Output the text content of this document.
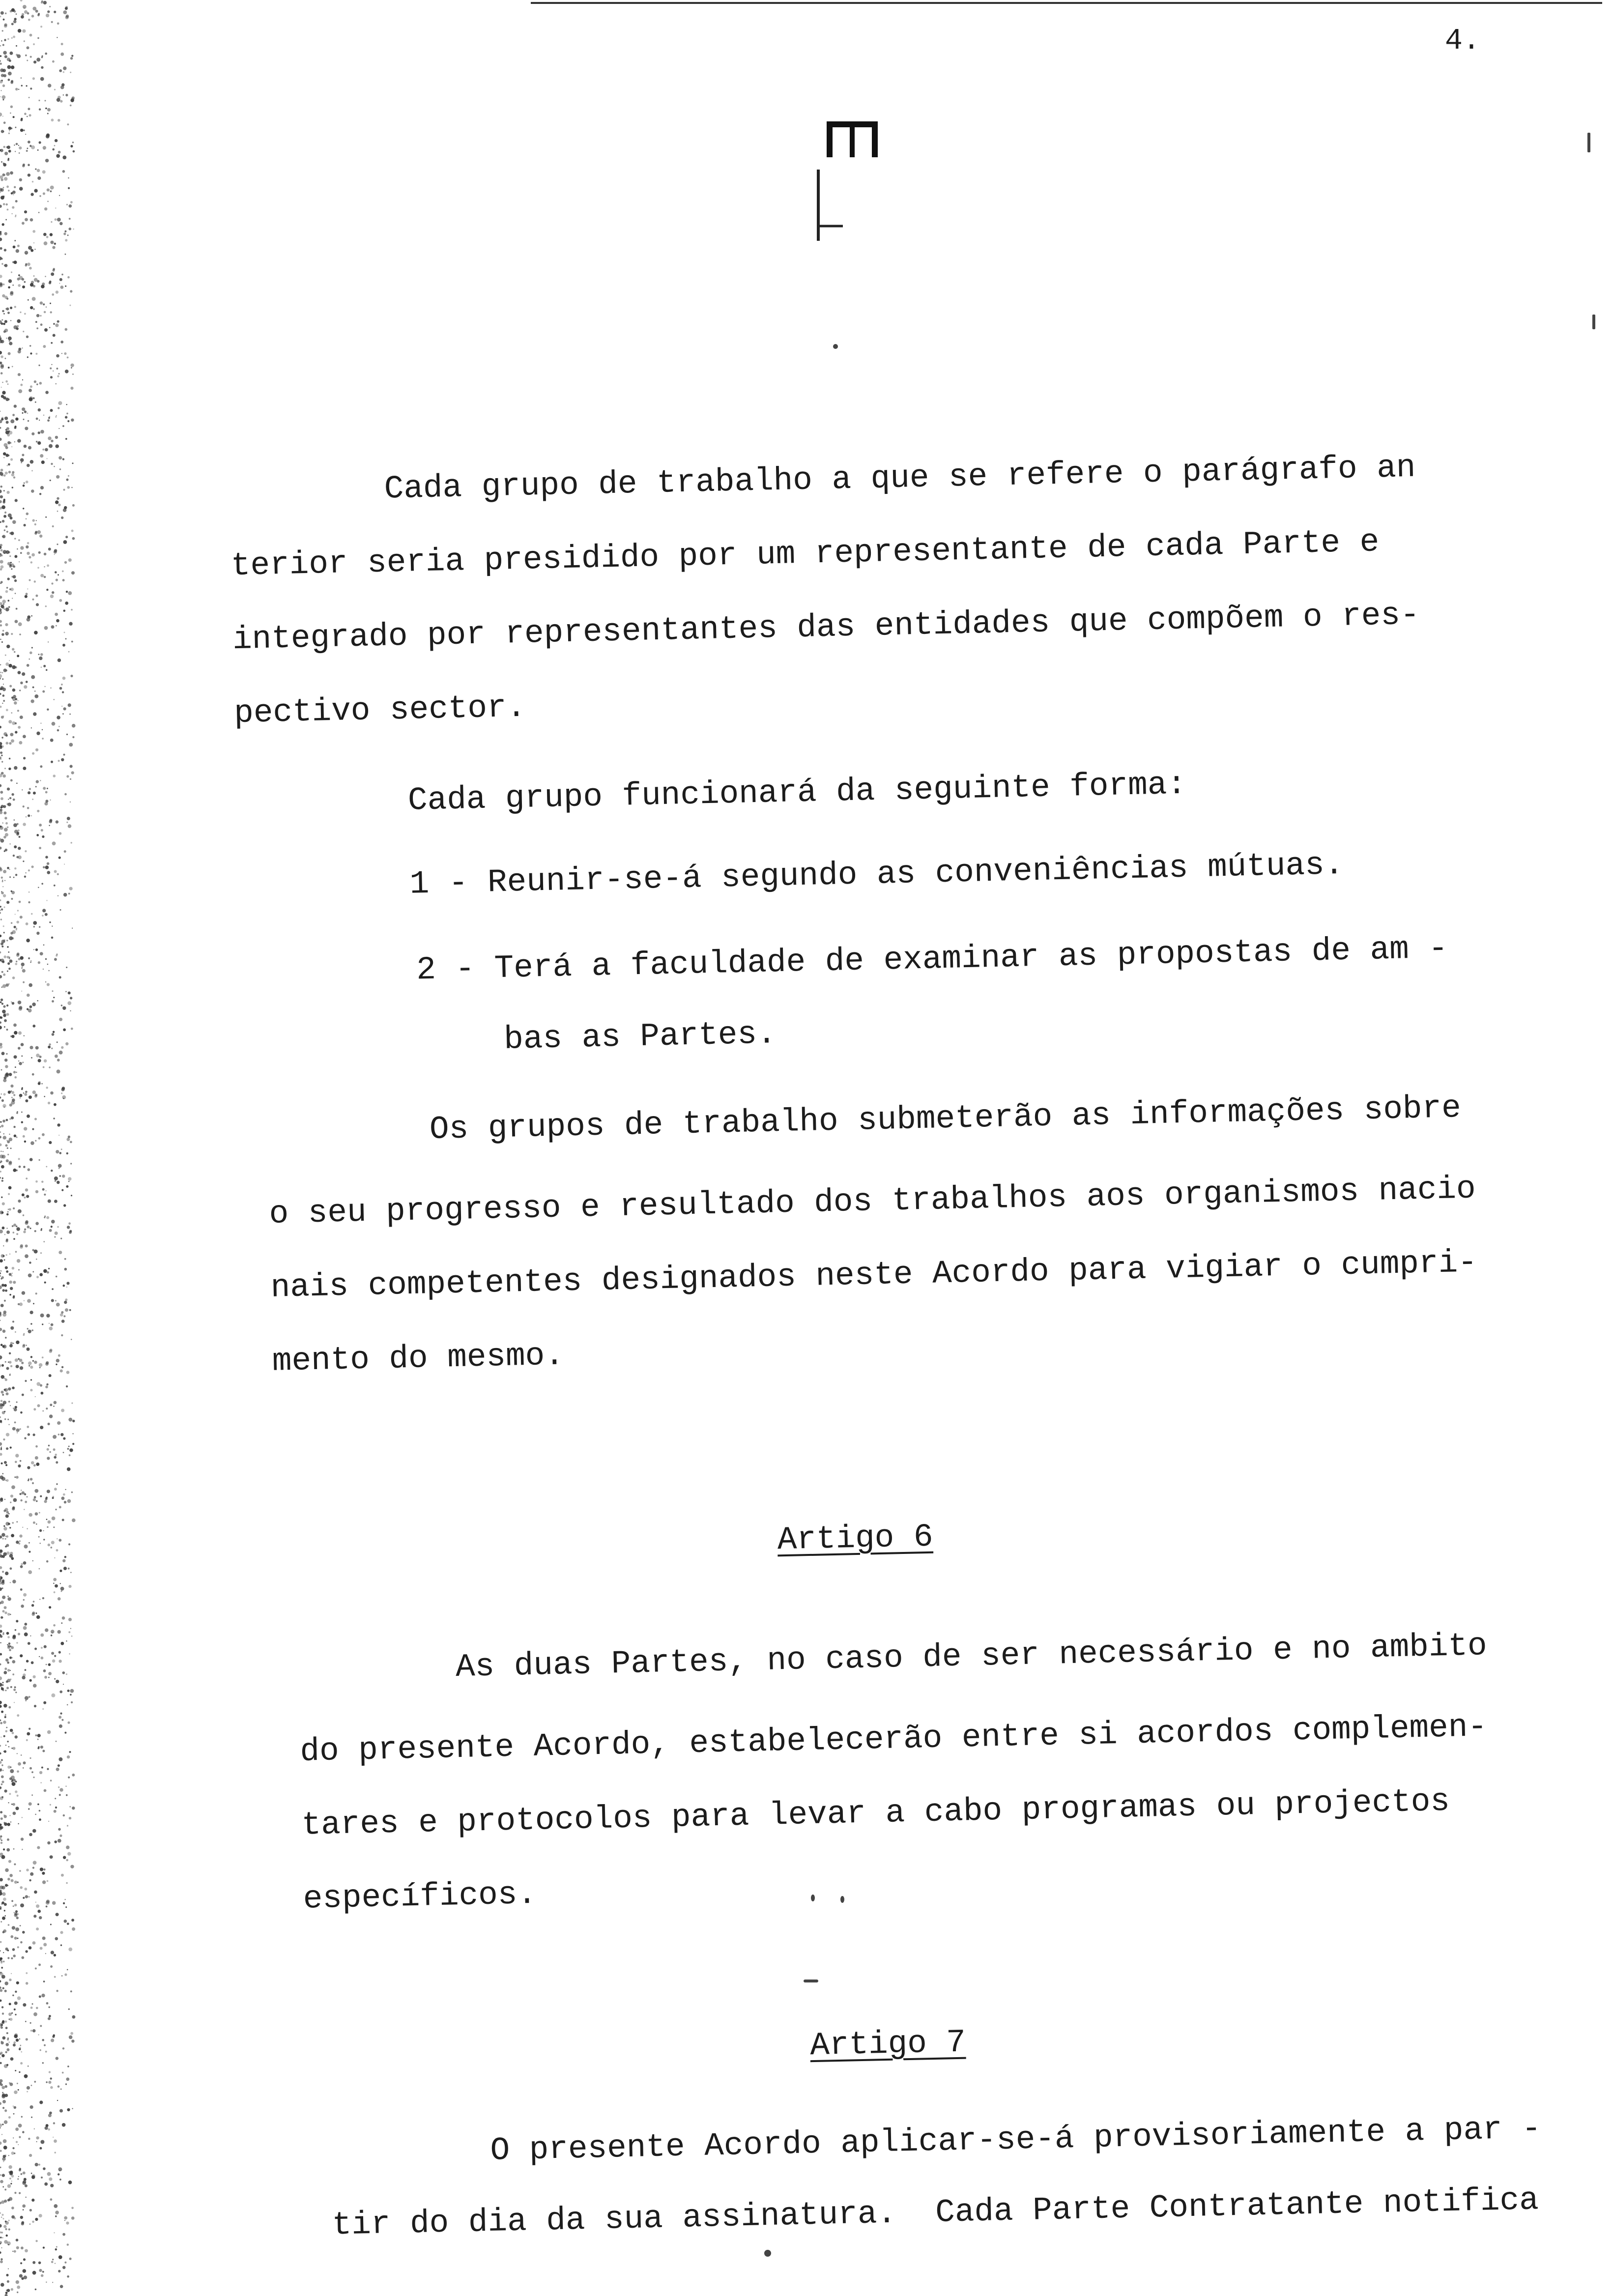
4.
Cada grupo de trabalho a que se refere o parágrafo an
terior seria presidido por um representante de cada Parte e
integrado por representantes das entidades que compõem o res-
pectivo sector.
Cada grupo funcionará da seguinte forma:
1 - Reunir-se-á segundo as conveniências mútuas.
2 - Terá a faculdade de examinar as propostas de am -
bas as Partes.
Os grupos de trabalho submeterão as informações sobre
o seu progresso e resultado dos trabalhos aos organismos nacio
nais competentes designados neste Acordo para vigiar o cumpri-
mento do mesmo.
Artigo 6
As duas Partes, no caso de ser necessário e no ambito
do presente Acordo, estabelecerão entre si acordos complemen-
tares e protocolos para levar a cabo programas ou projectos
específicos.
Artigo 7
O presente Acordo aplicar-se-á provisoriamente a par -
tir do dia da sua assinatura.  Cada Parte Contratante notifica
